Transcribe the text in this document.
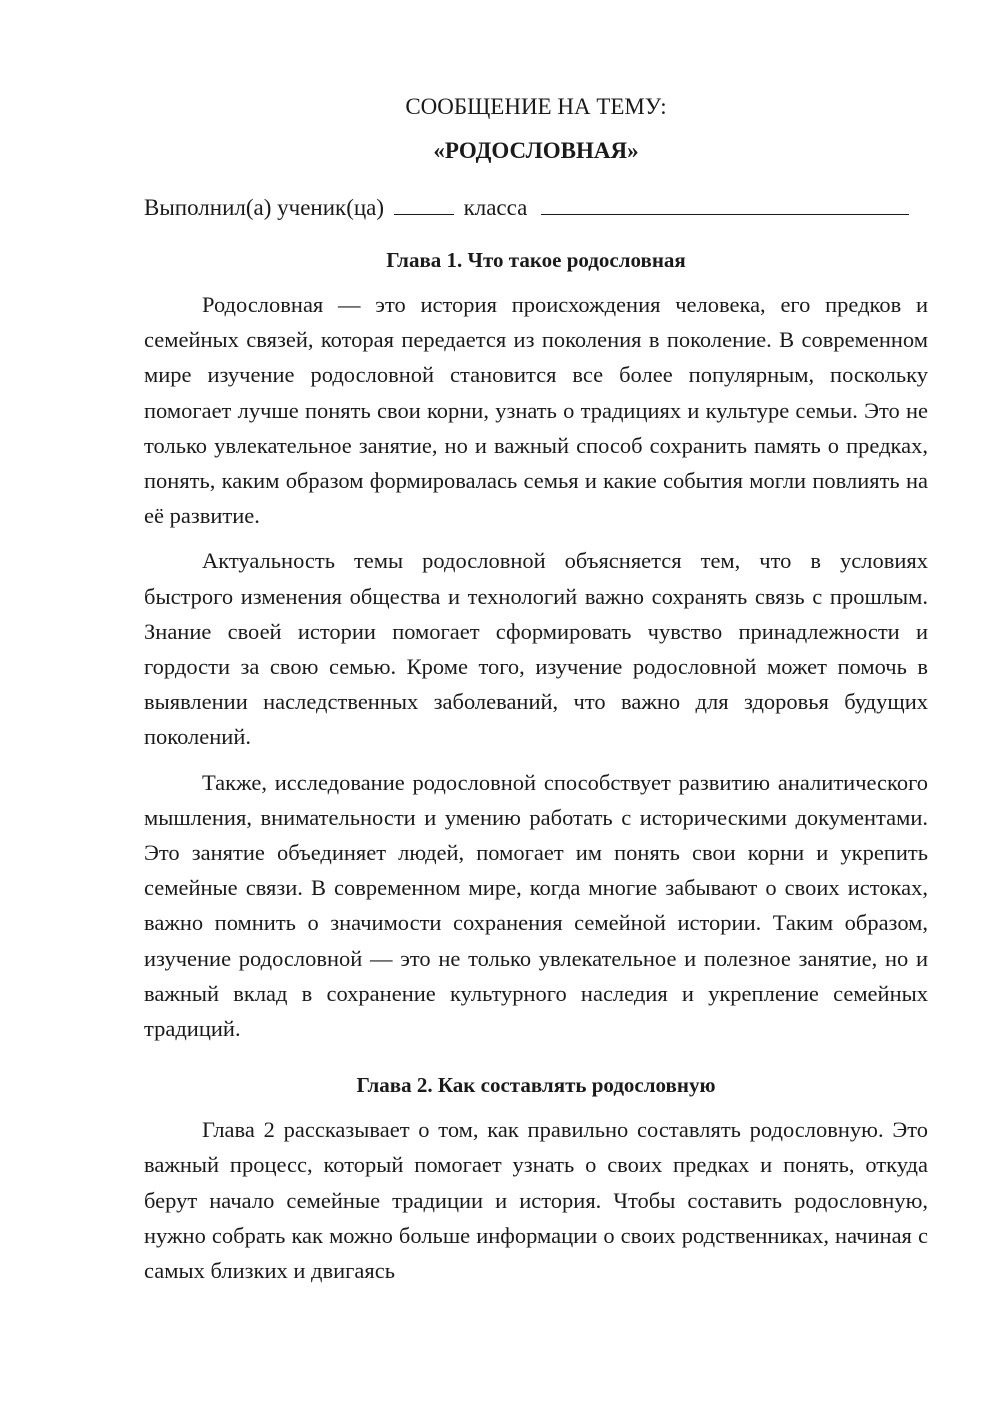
СООБЩЕНИЕ НА ТЕМУ:
«РОДОСЛОВНАЯ»

Выполнил(а) ученик(ца)	класса

Глава 1. Что такое родословная

Родословная — это история происхождения человека, его предков и семейных связей, которая передается из поколения в поколение. В современном мире изучение родословной становится все более популярным, поскольку помогает лучше понять свои корни, узнать о традициях и культуре семьи. Это не только увлекательное занятие, но и важный способ сохранить память о предках, понять, каким образом формировалась семья и какие события могли повлиять на её развитие.

Актуальность темы родословной объясняется тем, что в условиях быстрого изменения общества и технологий важно сохранять связь с прошлым. Знание своей истории помогает сформировать чувство принадлежности и гордости за свою семью. Кроме того, изучение родословной может помочь в выявлении наследственных заболеваний, что важно для здоровья будущих поколений.

Также, исследование родословной способствует развитию аналитического мышления, внимательности и умению работать с историческими документами. Это занятие объединяет людей, помогает им понять свои корни и укрепить семейные связи. В современном мире, когда многие забывают о своих истоках, важно помнить о значимости сохранения семейной истории. Таким образом, изучение родословной — это не только увлекательное и полезное занятие, но и важный вклад в сохранение культурного наследия и укрепление семейных традиций.

Глава 2. Как составлять родословную

Глава 2 рассказывает о том, как правильно составлять родословную. Это важный процесс, который помогает узнать о своих предках и понять, откуда берут начало семейные традиции и история. Чтобы составить родословную, нужно собрать как можно больше информации о своих родственниках, начиная с самых близких и двигаясь
